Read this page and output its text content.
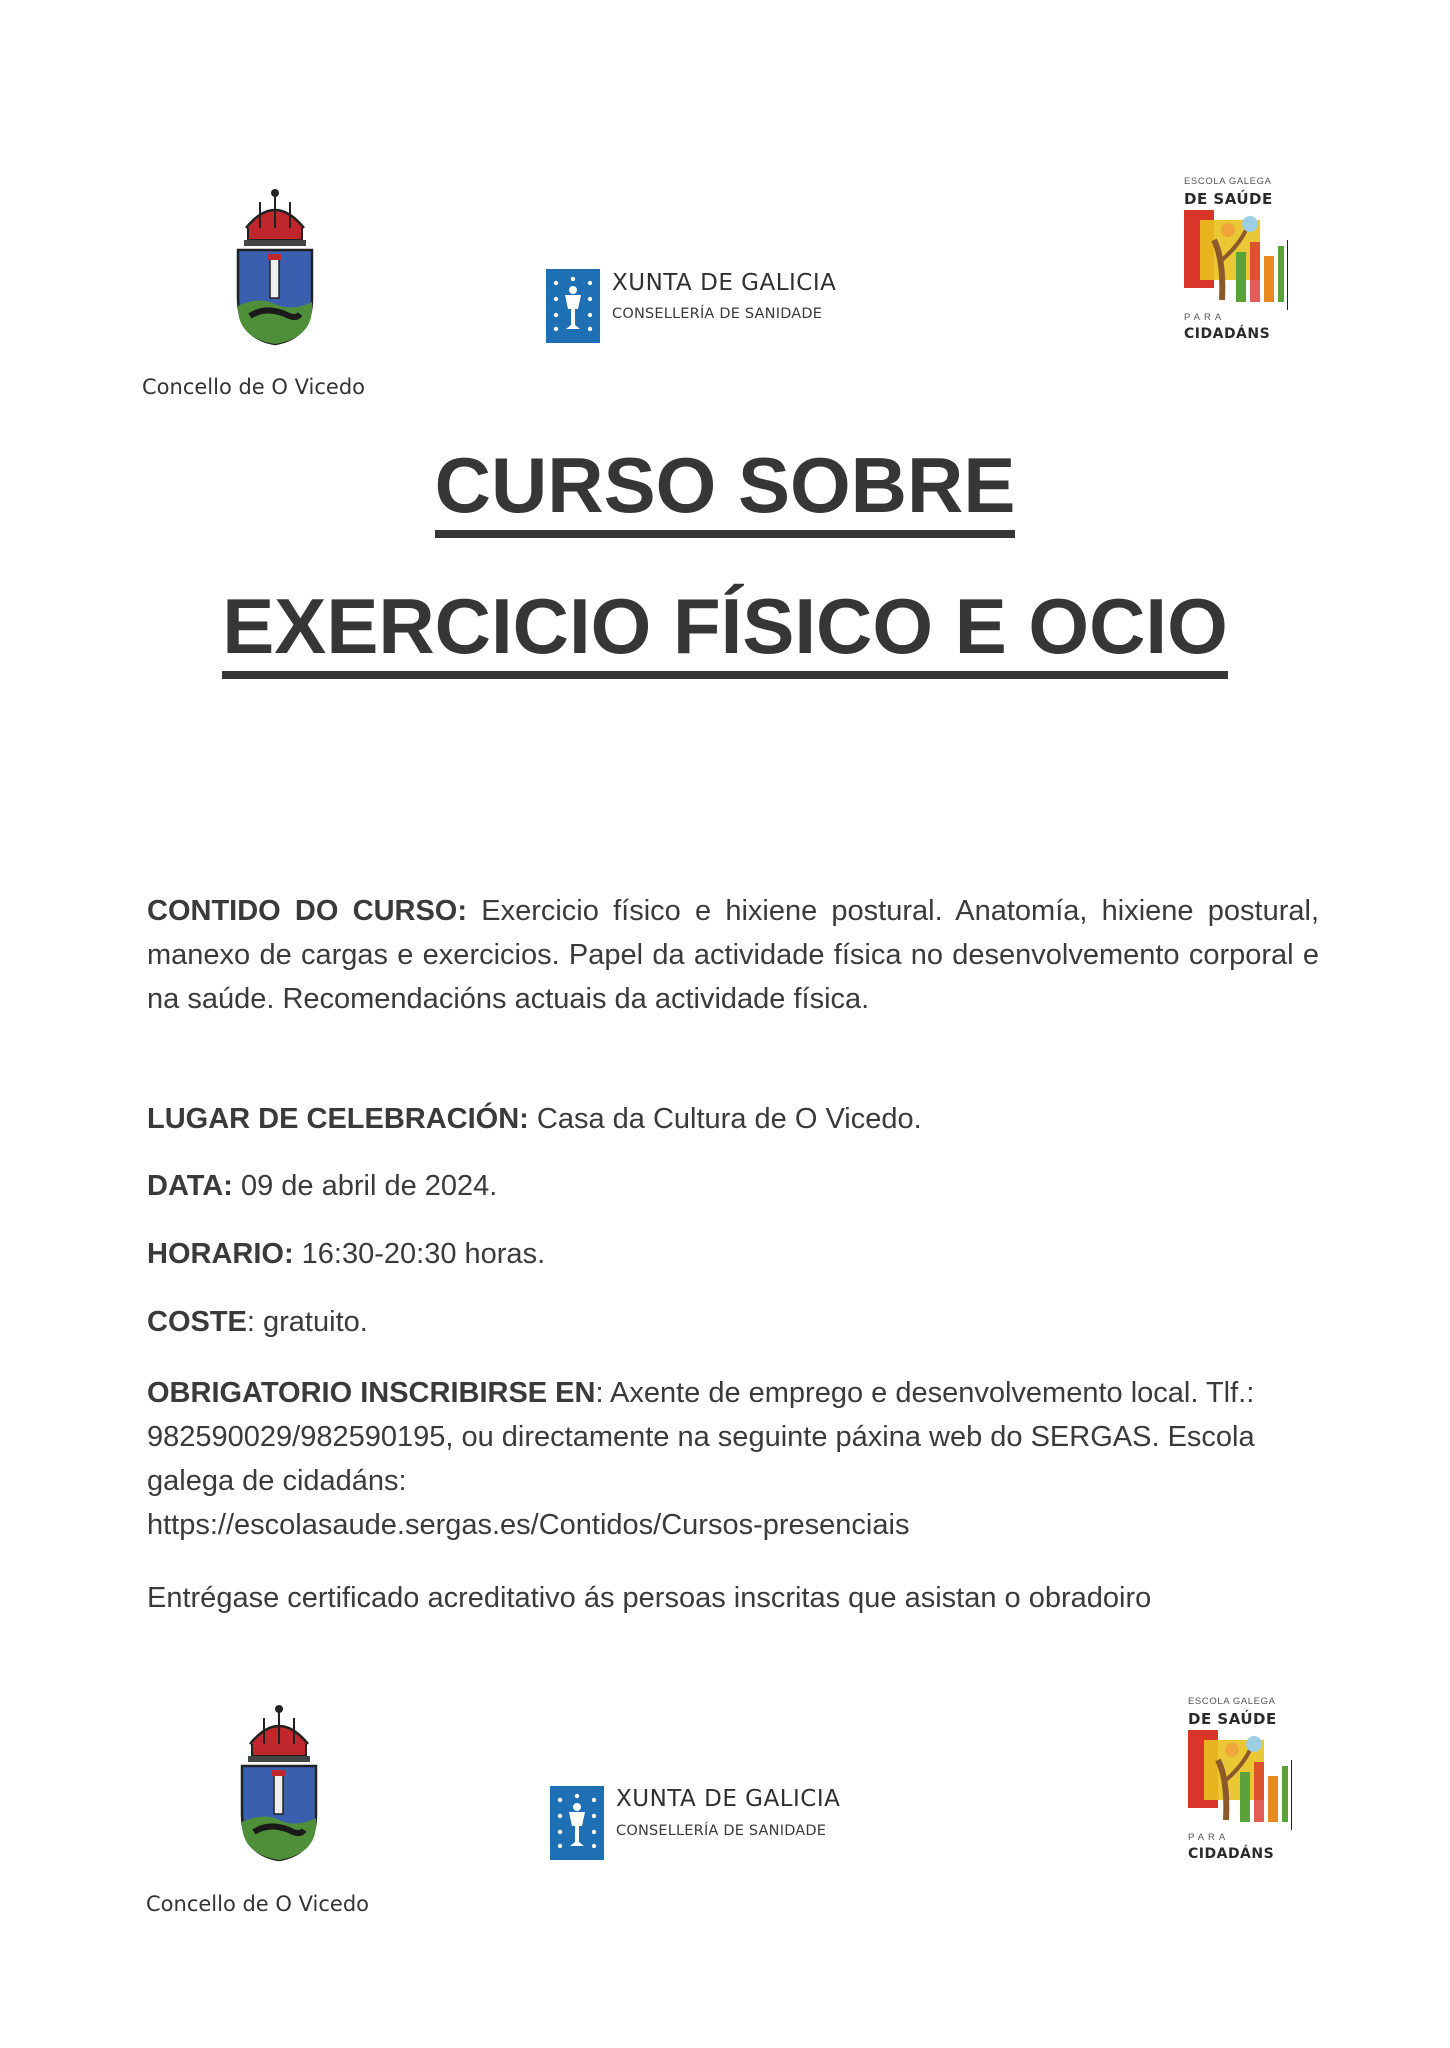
Concello de O Vicedo
XUNTA DE GALICIA
CONSELLERÍA DE SANIDADE
ESCOLA GALEGA
DE SAÚDE
PARA
CIDADÁNS
CURSO SOBRE
EXERCICIO FÍSICO E OCIO

CONTIDO DO CURSO: Exercicio físico e hixiene postural. Anatomía, hixiene postural, manexo de cargas e exercicios. Papel da actividade física no desenvolvemento corporal e na saúde. Recomendacións actuais da actividade física.

LUGAR DE CELEBRACIÓN: Casa da Cultura de O Vicedo.

DATA: 09 de abril de 2024.

HORARIO: 16:30-20:30 horas.

COSTE: gratuito.

OBRIGATORIO INSCRIBIRSE EN: Axente de emprego e desenvolvemento local. Tlf.: 982590029/982590195, ou directamente na seguinte páxina web do SERGAS. Escola galega de cidadáns:
https://escolasaude.sergas.es/Contidos/Cursos-presenciais

Entrégase certificado acreditativo ás persoas inscritas que asistan o obradoiro

Concello de O Vicedo
XUNTA DE GALICIA
CONSELLERÍA DE SANIDADE
ESCOLA GALEGA
DE SAÚDE
PARA
CIDADÁNS
